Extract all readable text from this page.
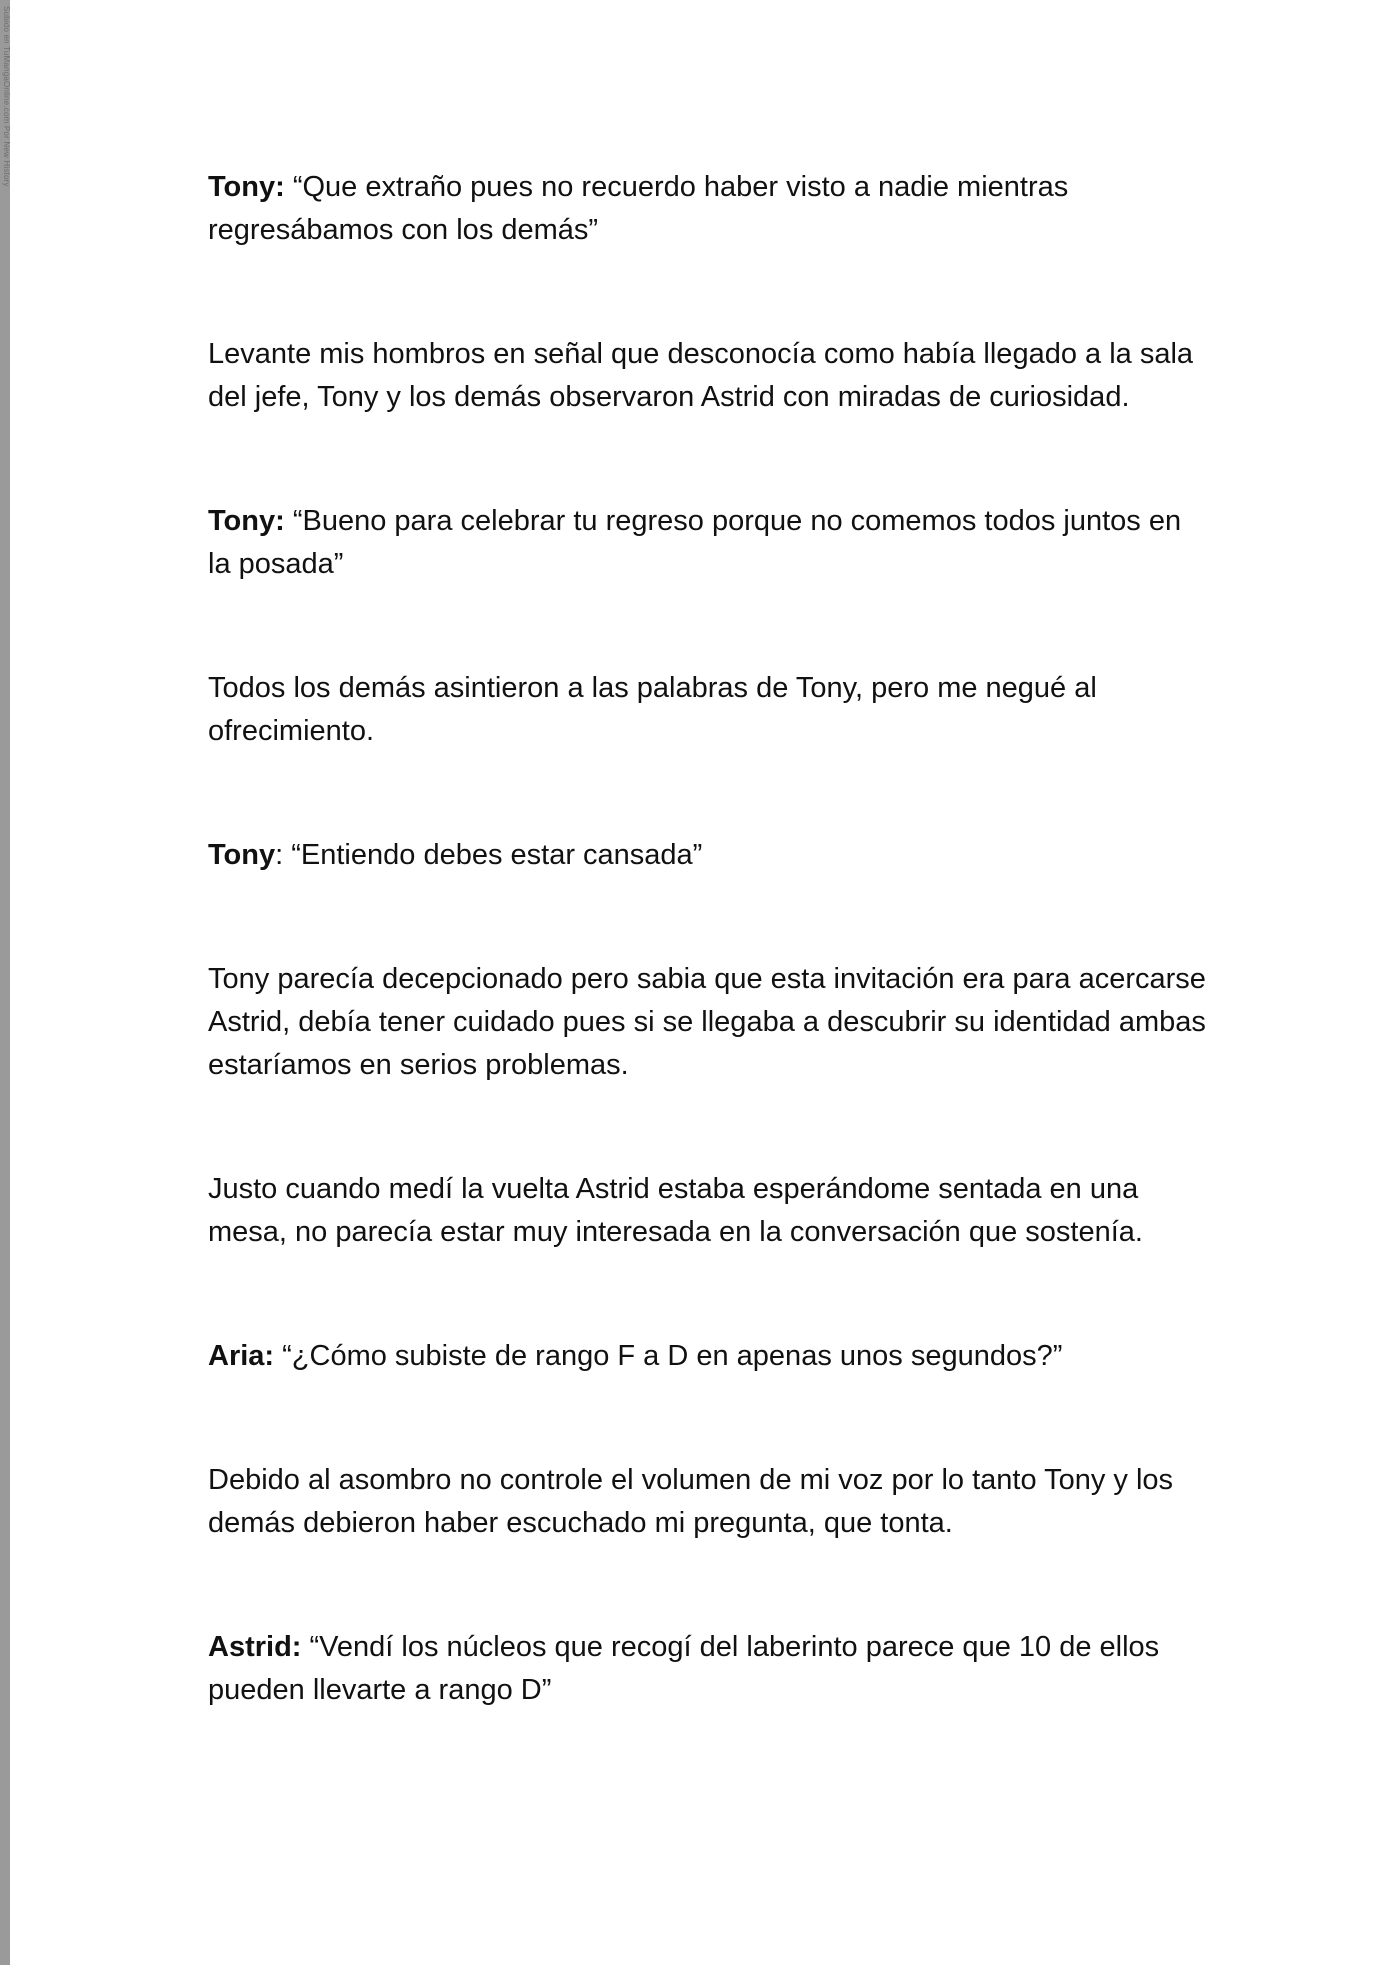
Subido en TuMangaOnline.com Por New History

Tony: “Que extraño pues no recuerdo haber visto a nadie mientras regresábamos con los demás”

Levante mis hombros en señal que desconocía como había llegado a la sala del jefe, Tony y los demás observaron Astrid con miradas de curiosidad.

Tony: “Bueno para celebrar tu regreso porque no comemos todos juntos en la posada”

Todos los demás asintieron a las palabras de Tony, pero me negué al ofrecimiento.

Tony: “Entiendo debes estar cansada”

Tony parecía decepcionado pero sabia que esta invitación era para acercarse Astrid, debía tener cuidado pues si se llegaba a descubrir su identidad ambas estaríamos en serios problemas.

Justo cuando medí la vuelta Astrid estaba esperándome sentada en una mesa, no parecía estar muy interesada en la conversación que sostenía.

Aria: “¿Cómo subiste de rango F a D en apenas unos segundos?”

Debido al asombro no controle el volumen de mi voz por lo tanto Tony y los demás debieron haber escuchado mi pregunta, que tonta.

Astrid: “Vendí los núcleos que recogí del laberinto parece que 10 de ellos pueden llevarte a rango D”
